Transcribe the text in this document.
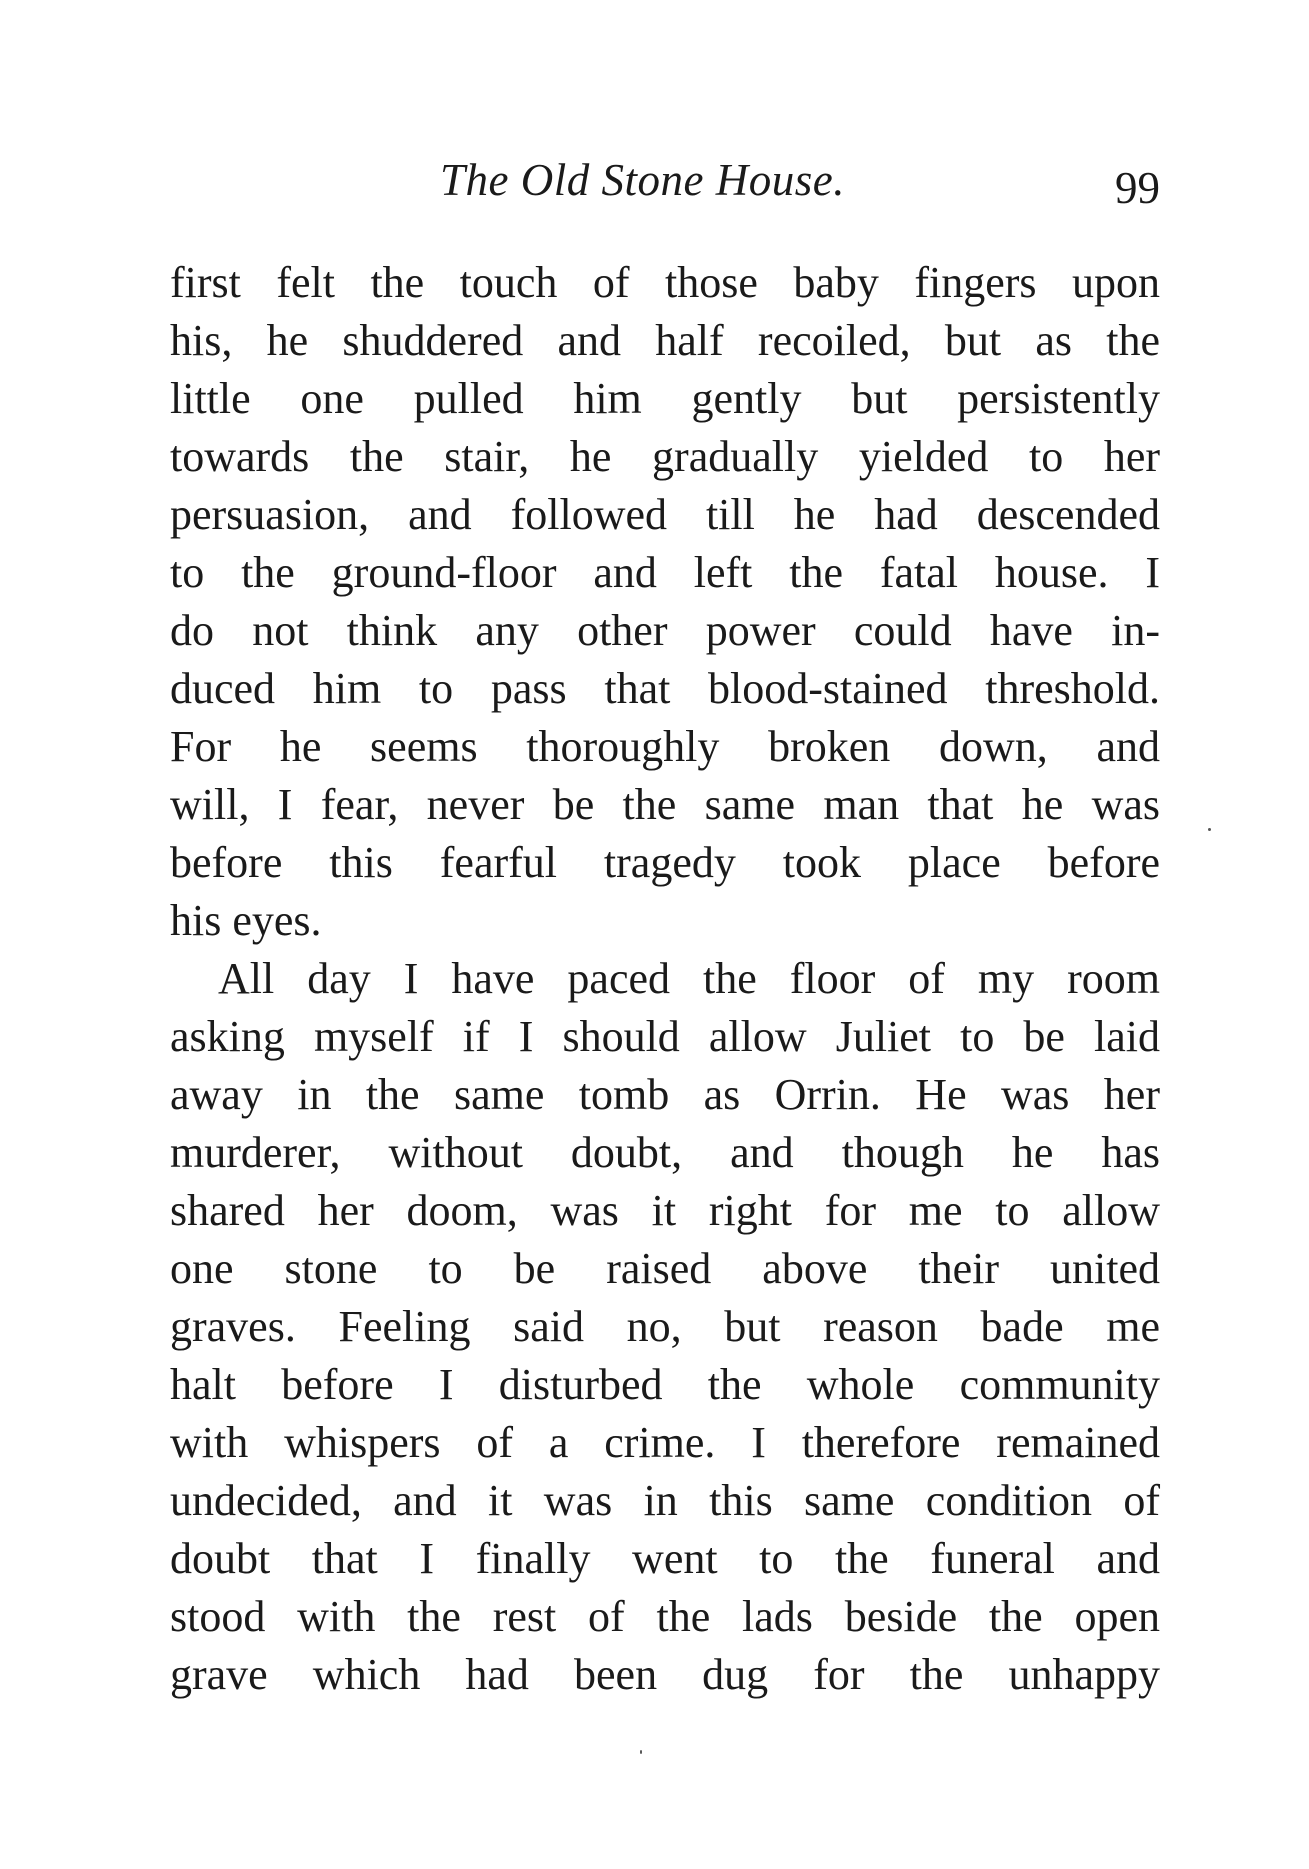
The Old Stone House.	99
first felt the touch of those baby fingers upon
his, he shuddered and half recoiled, but as the
little one pulled him gently but persistently
towards the stair, he gradually yielded to her
persuasion, and followed till he had descended
to the ground-floor and left the fatal house. I
do not think any other power could have in-
duced him to pass that blood-stained threshold.
For he seems thoroughly broken down, and
will, I fear, never be the same man that he was
before this fearful tragedy took place before
his eyes.
All day I have paced the floor of my room
asking myself if I should allow Juliet to be laid
away in the same tomb as Orrin. He was her
murderer, without doubt, and though he has
shared her doom, was it right for me to allow
one stone to be raised above their united
graves. Feeling said no, but reason bade me
halt before I disturbed the whole community
with whispers of a crime. I therefore remained
undecided, and it was in this same condition of
doubt that I finally went to the funeral and
stood with the rest of the lads beside the open
grave which had been dug for the unhappy
